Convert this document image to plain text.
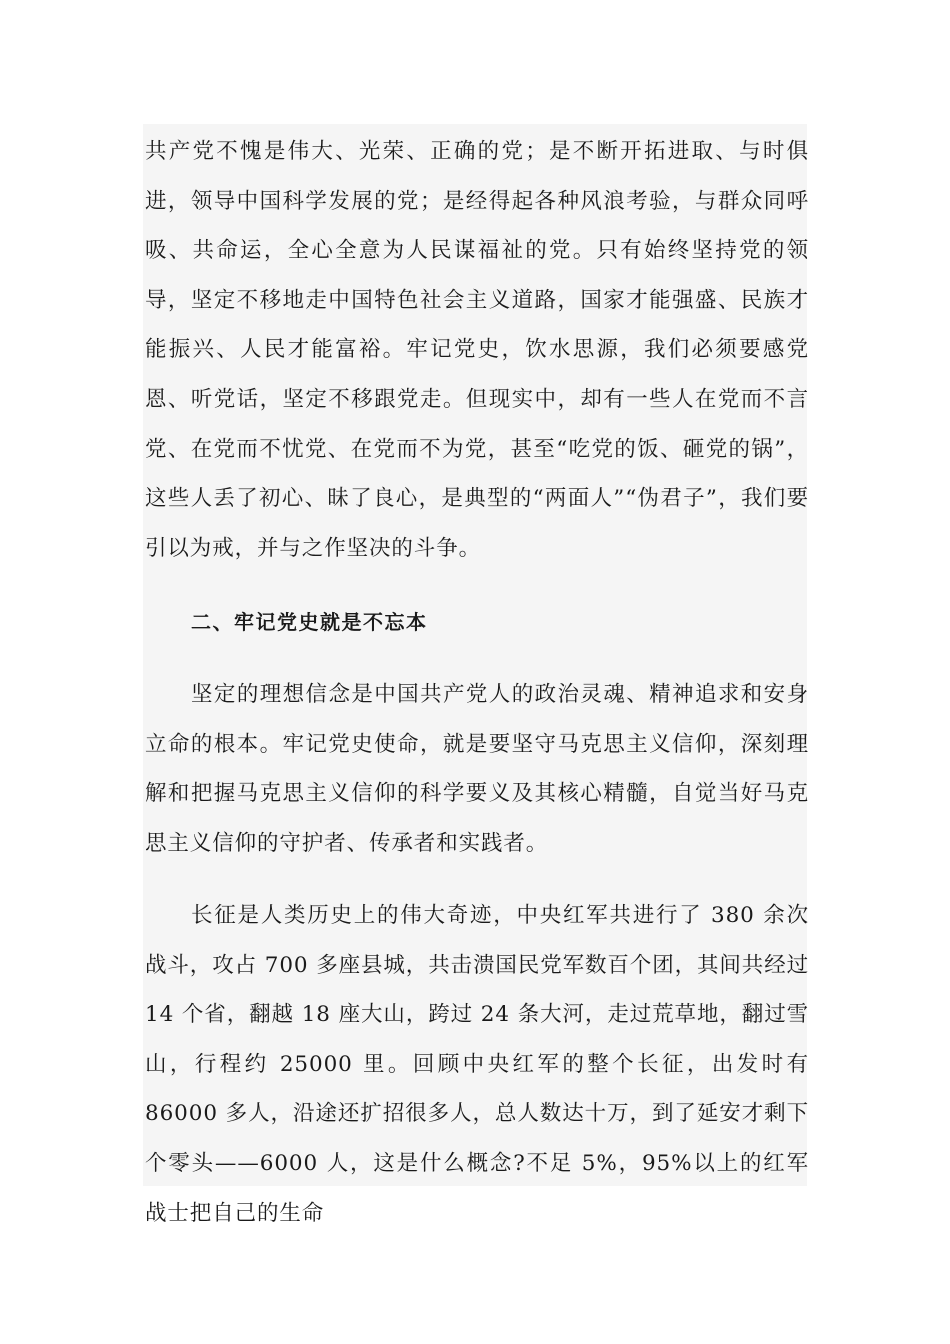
共产党不愧是伟大、光荣、正确的党；是不断开拓进取、与时俱进，领导中国科学发展的党；是经得起各种风浪考验，与群众同呼吸、共命运，全心全意为人民谋福祉的党。只有始终坚持党的领导，坚定不移地走中国特色社会主义道路，国家才能强盛、民族才能振兴、人民才能富裕。牢记党史，饮水思源，我们必须要感党恩、听党话，坚定不移跟党走。但现实中，却有一些人在党而不言党、在党而不忧党、在党而不为党，甚至“吃党的饭、砸党的锅”，这些人丢了初心、昧了良心，是典型的“两面人”“伪君子”，我们要引以为戒，并与之作坚决的斗争。

二、牢记党史就是不忘本

坚定的理想信念是中国共产党人的政治灵魂、精神追求和安身立命的根本。牢记党史使命，就是要坚守马克思主义信仰，深刻理解和把握马克思主义信仰的科学要义及其核心精髓，自觉当好马克思主义信仰的守护者、传承者和实践者。

长征是人类历史上的伟大奇迹，中央红军共进行了 380 余次战斗，攻占 700 多座县城，共击溃国民党军数百个团，其间共经过 14 个省，翻越 18 座大山，跨过 24 条大河，走过荒草地，翻过雪山，行程约 25000 里。回顾中央红军的整个长征，出发时有 86000 多人，沿途还扩招很多人，总人数达十万，到了延安才剩下个零头——6000 人，这是什么概念?不足 5%，95%以上的红军战士把自己的生命
